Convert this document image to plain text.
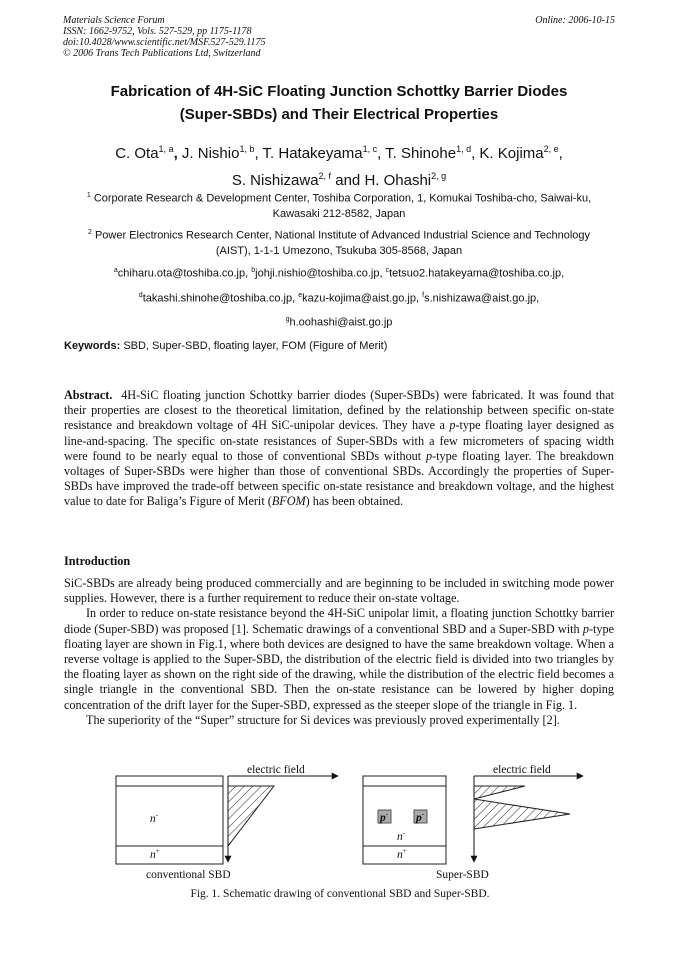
Materials Science Forum
ISSN: 1662-9752, Vols. 527-529, pp 1175-1178
doi:10.4028/www.scientific.net/MSF.527-529.1175
© 2006 Trans Tech Publications Ltd, Switzerland
Online: 2006-10-15
Fabrication of 4H-SiC Floating Junction Schottky Barrier Diodes
(Super-SBDs) and Their Electrical Properties
C. Ota$^{1, a}$, J. Nishio$^{1, b}$, T. Hatakeyama$^{1, c}$, T. Shinohe$^{1, d}$, K. Kojima$^{2, e}$,
S. Nishizawa$^{2, f}$ and H. Ohashi$^{2, g}$
$^1$ Corporate Research & Development Center, Toshiba Corporation, 1, Komukai Toshiba-cho, Saiwai-ku, Kawasaki 212-8582, Japan
$^2$ Power Electronics Research Center, National Institute of Advanced Industrial Science and Technology (AIST), 1-1-1 Umezono, Tsukuba 305-8568, Japan
$^a$chiharu.ota@toshiba.co.jp, $^b$johji.nishio@toshiba.co.jp, $^c$tetsuo2.hatakeyama@toshiba.co.jp,
$^d$takashi.shinohe@toshiba.co.jp, $^e$kazu-kojima@aist.go.jp, $^f$s.nishizawa@aist.go.jp,
$^g$h.oohashi@aist.go.jp
Keywords: SBD, Super-SBD, floating layer, FOM (Figure of Merit)
Abstract. 4H-SiC floating junction Schottky barrier diodes (Super-SBDs) were fabricated. It was found that their properties are closest to the theoretical limitation, defined by the relationship between specific on-state resistance and breakdown voltage of 4H SiC-unipolar devices. They have a p-type floating layer designed as line-and-spacing. The specific on-state resistances of Super-SBDs with a few micrometers of spacing width were found to be nearly equal to those of conventional SBDs without p-type floating layer. The breakdown voltages of Super-SBDs were higher than those of conventional SBDs. Accordingly the properties of Super-SBDs have improved the trade-off between specific on-state resistance and breakdown voltage, and the highest value to date for Baliga’s Figure of Merit (BFOM) has been obtained.
Introduction

SiC-SBDs are already being produced commercially and are beginning to be included in switching mode power supplies. However, there is a further requirement to reduce their on-state voltage.

In order to reduce on-state resistance beyond the 4H-SiC unipolar limit, a floating junction Schottky barrier diode (Super-SBD) was proposed [1]. Schematic drawings of a conventional SBD and a Super-SBD with p-type floating layer are shown in Fig.1, where both devices are designed to have the same breakdown voltage. When a reverse voltage is applied to the Super-SBD, the distribution of the electric field is divided into two triangles by the floating layer as shown on the right side of the drawing, while the distribution of the electric field becomes a single triangle in the conventional SBD. Then the on-state resistance can be lowered by higher doping concentration of the drift layer for the Super-SBD, expressed as the steeper slope of the triangle in Fig. 1.

The superiority of the “Super” structure for Si devices was previously proved experimentally [2].

electric field	electric field
n-
n+
p- p-
n-
n+
conventional SBD	Super-SBD
Fig. 1. Schematic drawing of conventional SBD and Super-SBD.
